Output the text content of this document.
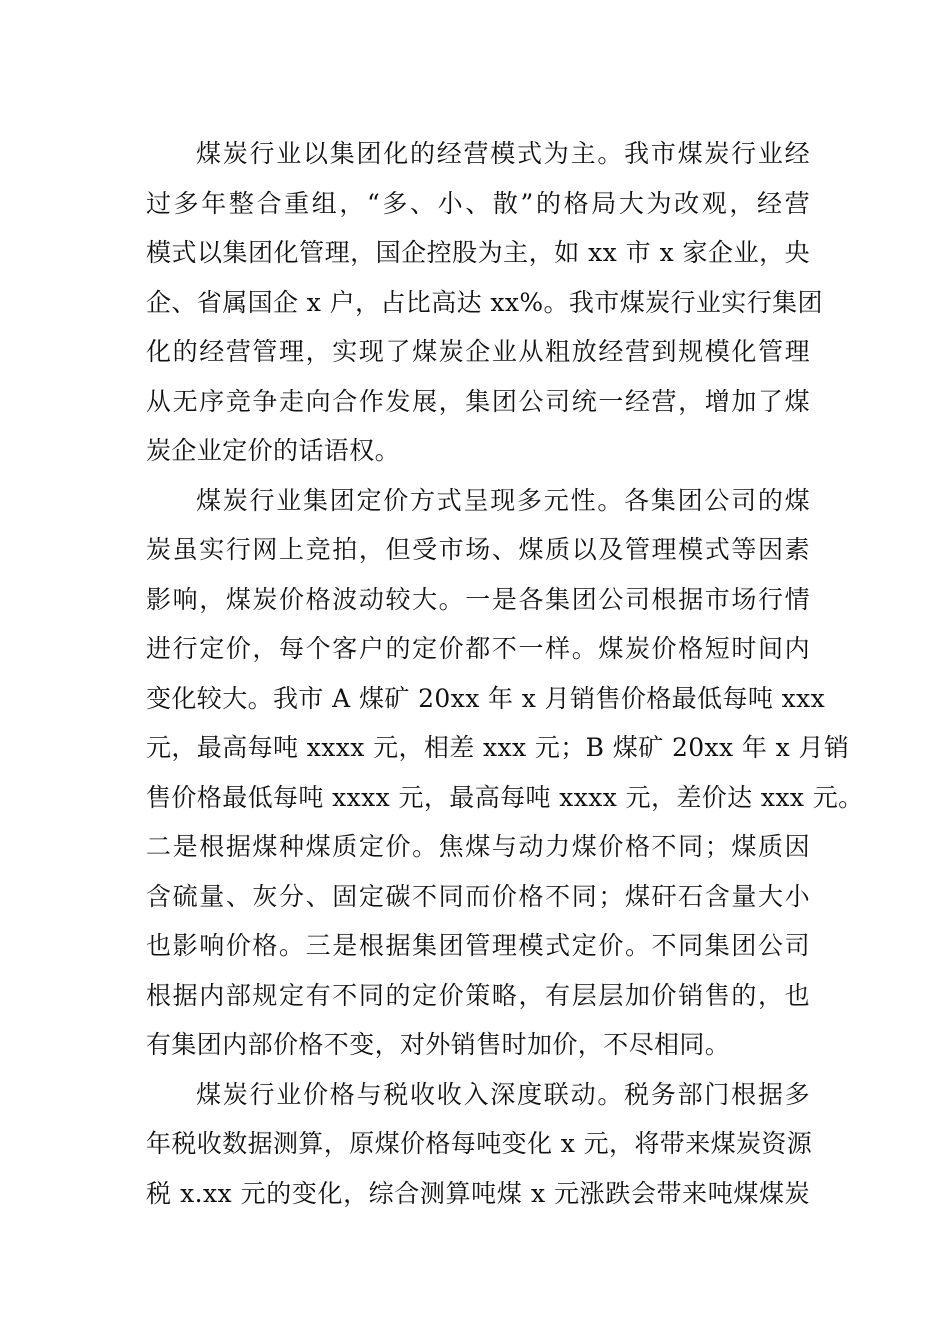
煤炭行业以集团化的经营模式为主。我市煤炭行业经
过多年整合重组，“多、小、散”的格局大为改观，经营
模式以集团化管理，国企控股为主，如 xx 市 x 家企业，央
企、省属国企 x 户，占比高达 xx%。我市煤炭行业实行集团
化的经营管理，实现了煤炭企业从粗放经营到规模化管理
从无序竞争走向合作发展，集团公司统一经营，增加了煤
炭企业定价的话语权。
煤炭行业集团定价方式呈现多元性。各集团公司的煤
炭虽实行网上竞拍，但受市场、煤质以及管理模式等因素
影响，煤炭价格波动较大。一是各集团公司根据市场行情
进行定价，每个客户的定价都不一样。煤炭价格短时间内
变化较大。我市 A 煤矿 20xx 年 x 月销售价格最低每吨 xxx
元，最高每吨 xxxx 元，相差 xxx 元；B 煤矿 20xx 年 x 月销
售价格最低每吨 xxxx 元，最高每吨 xxxx 元，差价达 xxx 元。
二是根据煤种煤质定价。焦煤与动力煤价格不同；煤质因
含硫量、灰分、固定碳不同而价格不同；煤矸石含量大小
也影响价格。三是根据集团管理模式定价。不同集团公司
根据内部规定有不同的定价策略，有层层加价销售的，也
有集团内部价格不变，对外销售时加价，不尽相同。
煤炭行业价格与税收收入深度联动。税务部门根据多
年税收数据测算，原煤价格每吨变化 x 元，将带来煤炭资源
税 x.xx 元的变化，综合测算吨煤 x 元涨跌会带来吨煤煤炭
